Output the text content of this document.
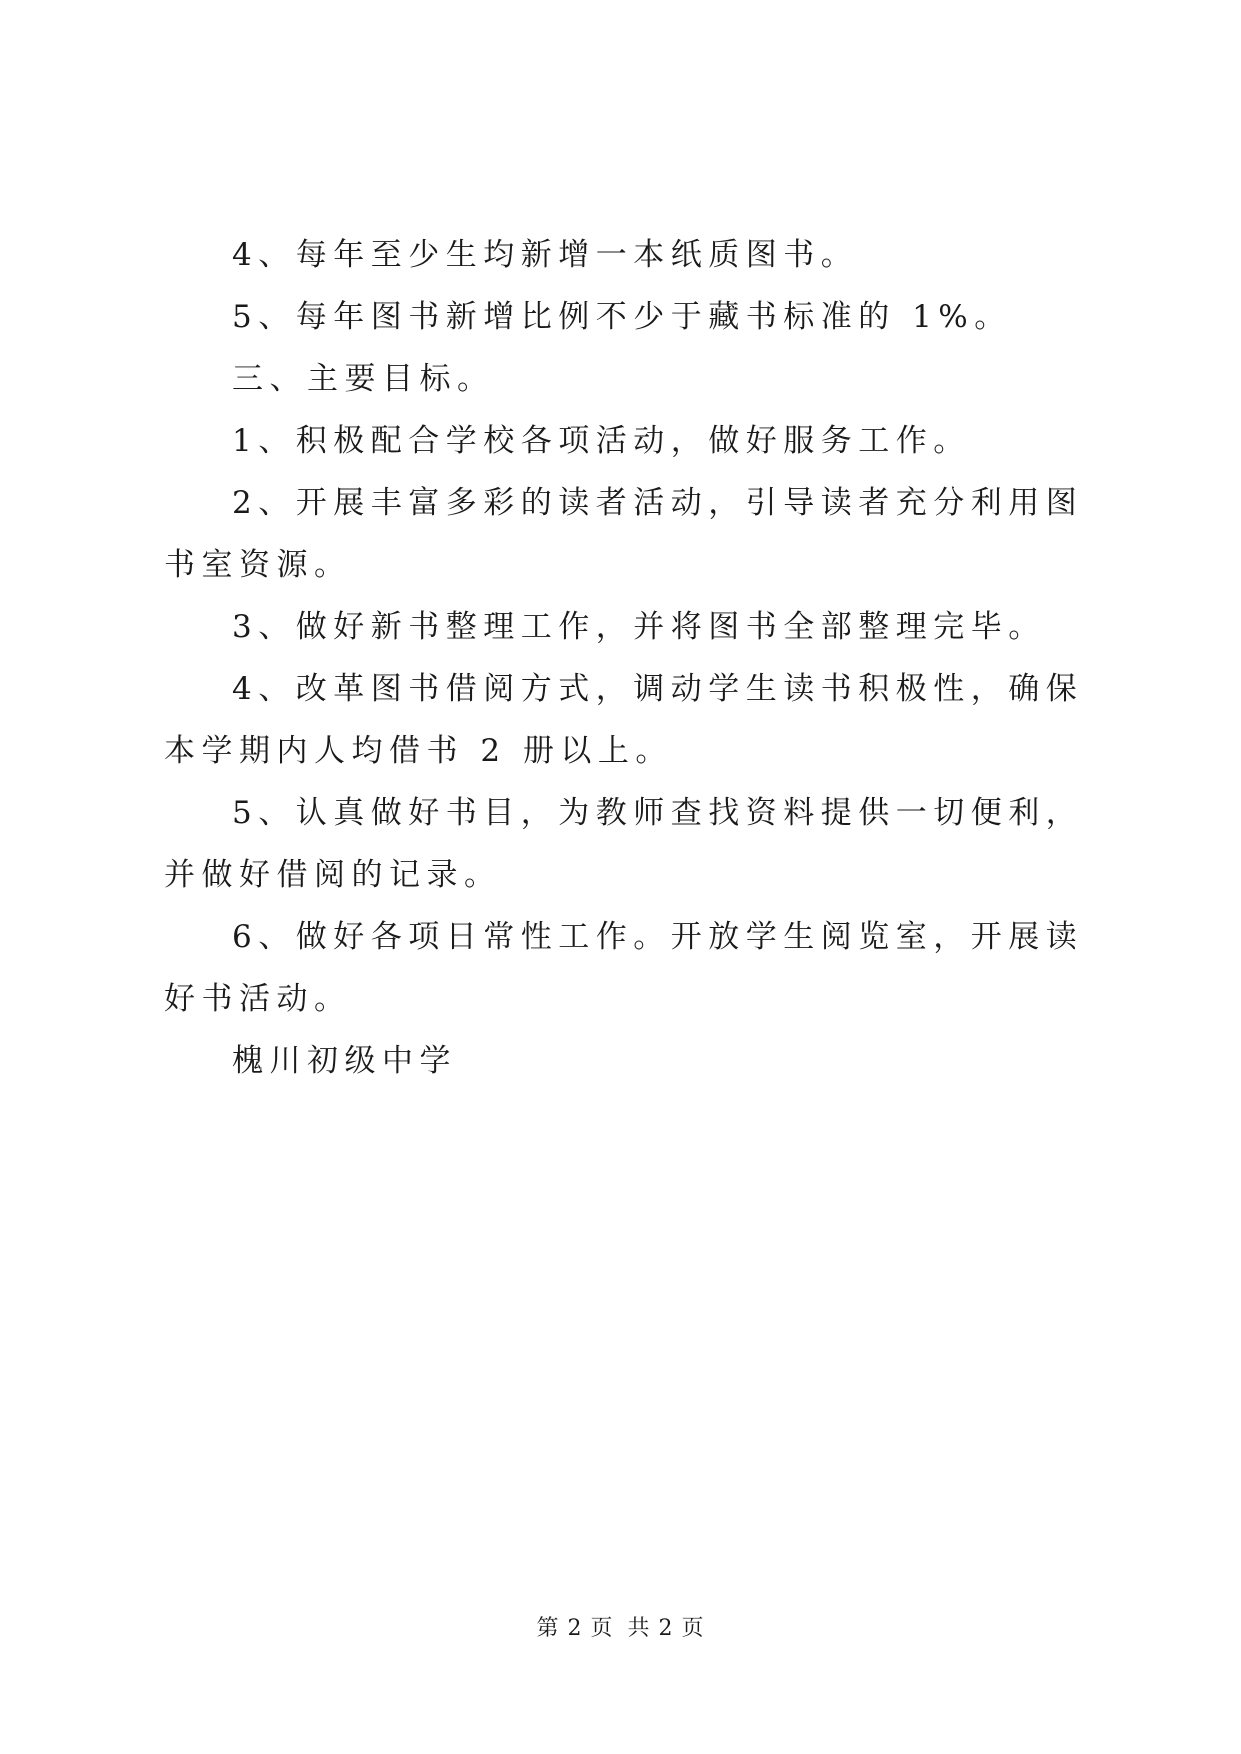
4、每年至少生均新增一本纸质图书。

5、每年图书新增比例不少于藏书标准的 1%。

三、主要目标。

1、积极配合学校各项活动，做好服务工作。

2、开展丰富多彩的读者活动，引导读者充分利用图书室资源。

3、做好新书整理工作，并将图书全部整理完毕。

4、改革图书借阅方式，调动学生读书积极性，确保本学期内人均借书 2 册以上。

5、认真做好书目，为教师查找资料提供一切便利，并做好借阅的记录。

6、做好各项日常性工作。开放学生阅览室，开展读好书活动。

槐川初级中学

第 2 页 共 2 页
